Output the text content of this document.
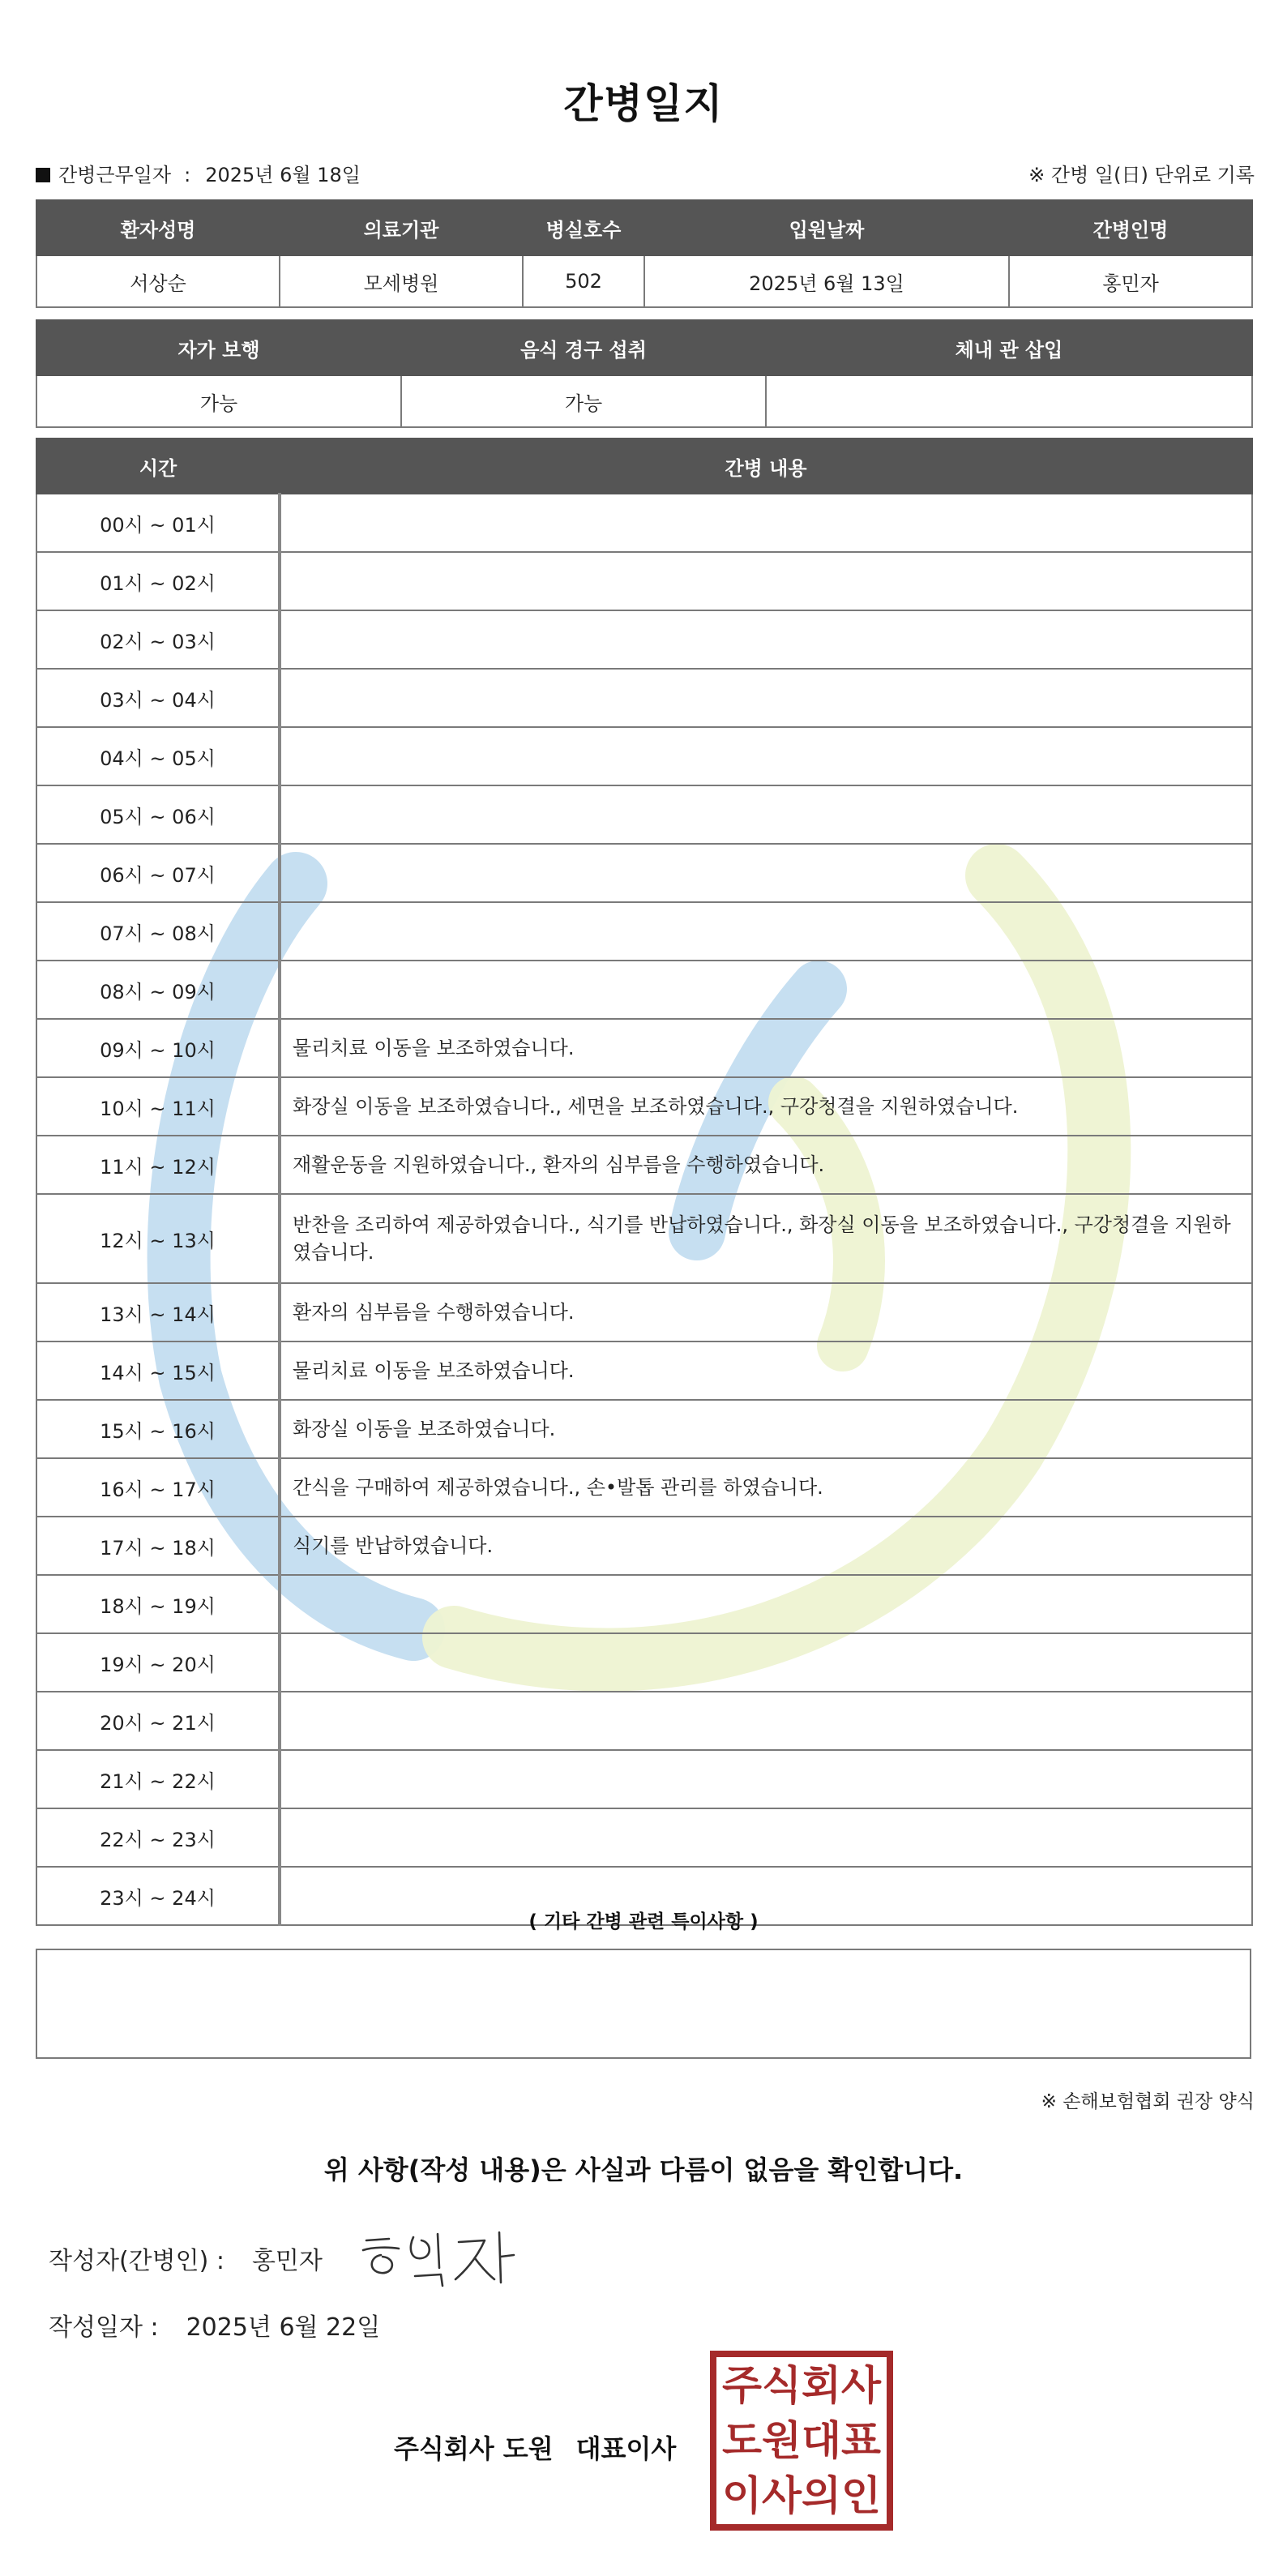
간병일지
간병근무일자 : 2025년 6월 18일	※ 간병 일(日) 단위로 기록
환자성명	의료기관	병실호수	입원날짜	간병인명
서상순	모세병원	502	2025년 6월 13일	홍민자
자가 보행	음식 경구 섭취	체내 관 삽입
가능	가능	
시간	간병 내용
00시 ~ 01시	
01시 ~ 02시	
02시 ~ 03시	
03시 ~ 04시	
04시 ~ 05시	
05시 ~ 06시	
06시 ~ 07시	
07시 ~ 08시	
08시 ~ 09시	
09시 ~ 10시	물리치료 이동을 보조하였습니다.
10시 ~ 11시	화장실 이동을 보조하였습니다., 세면을 보조하였습니다., 구강청결을 지원하였습니다.
11시 ~ 12시	재활운동을 지원하였습니다., 환자의 심부름을 수행하였습니다.
12시 ~ 13시	반찬을 조리하여 제공하였습니다., 식기를 반납하였습니다., 화장실 이동을 보조하였습니다., 구강청결을 지원하였습니다.
13시 ~ 14시	환자의 심부름을 수행하였습니다.
14시 ~ 15시	물리치료 이동을 보조하였습니다.
15시 ~ 16시	화장실 이동을 보조하였습니다.
16시 ~ 17시	간식을 구매하여 제공하였습니다., 손•발톱 관리를 하였습니다.
17시 ~ 18시	식기를 반납하였습니다.
18시 ~ 19시	
19시 ~ 20시	
20시 ~ 21시	
21시 ~ 22시	
22시 ~ 23시	
23시 ~ 24시	
( 기타 간병 관련 특이사항 )
※ 손해보험협회 권장 양식
위 사항(작성 내용)은 사실과 다름이 없음을 확인합니다.
작성자(간병인) : 홍민자
작성일자 : 2025년 6월 22일
주식회사 도원 대표이사
주식회사
도원대표
이사의인
